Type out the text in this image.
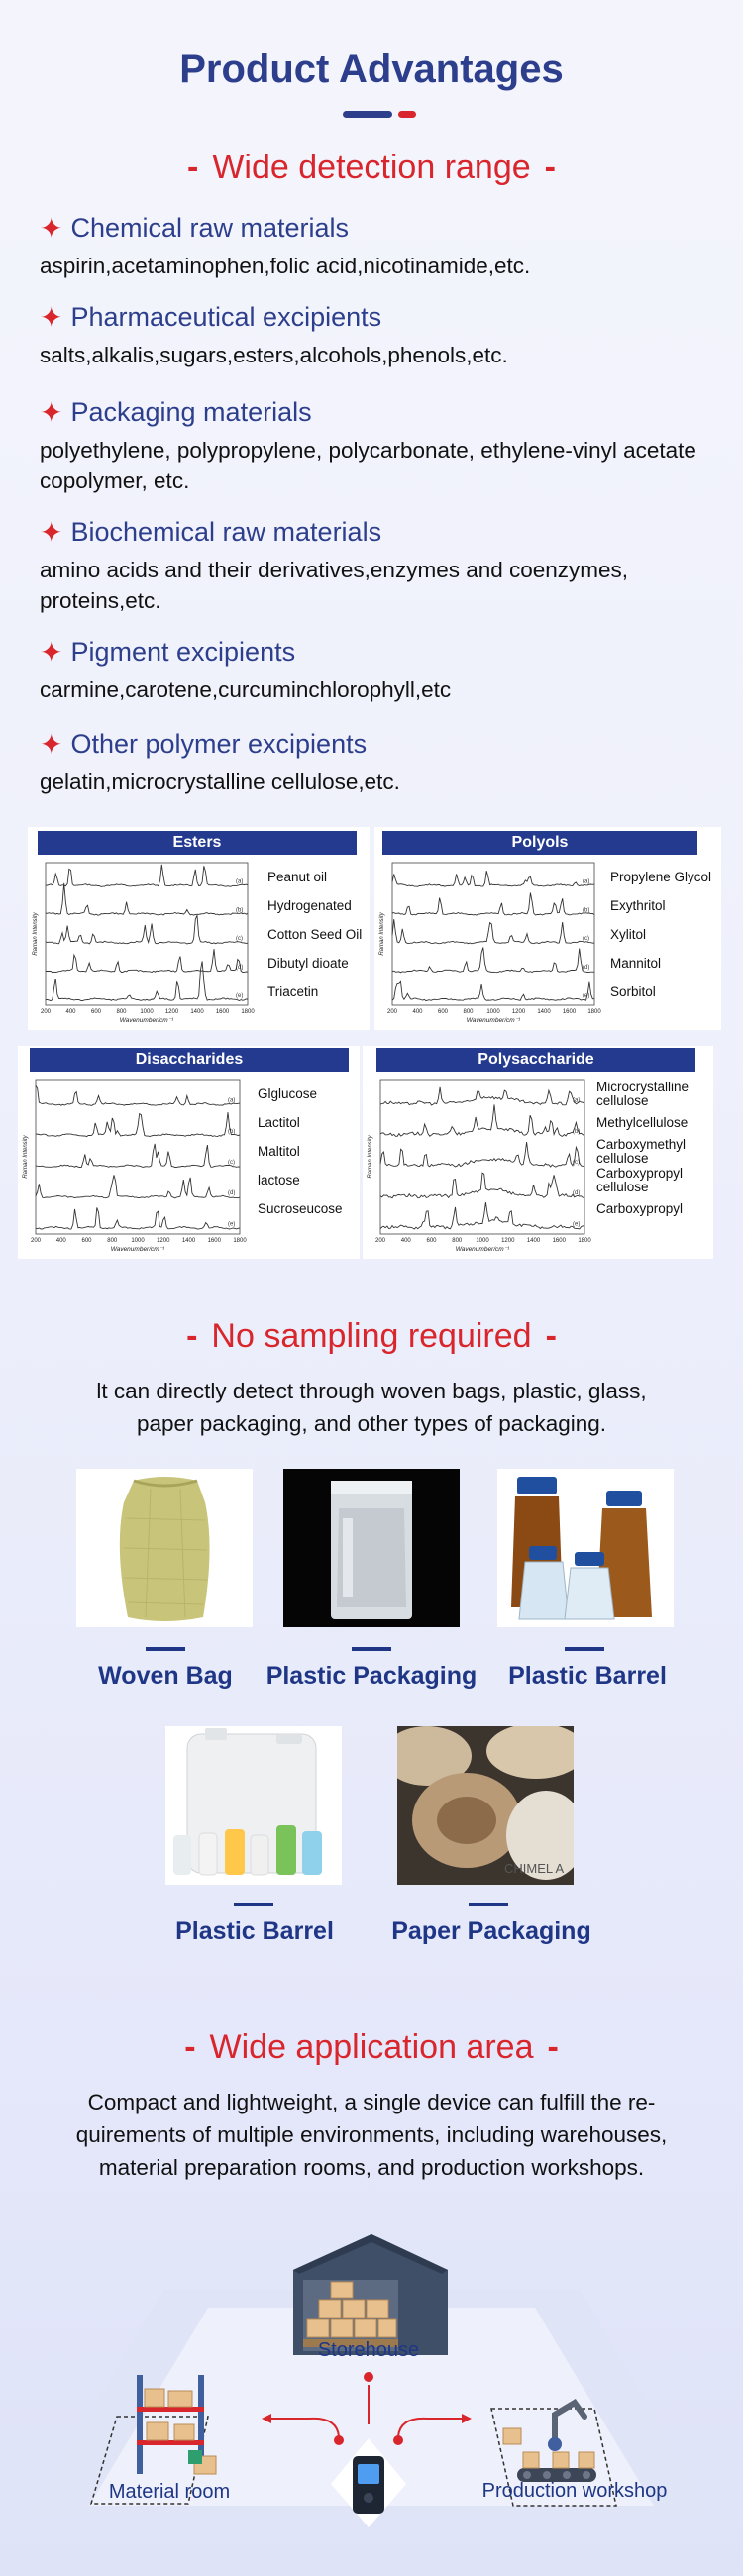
Product Advantages
- Wide detection range -
✦ Chemical raw materials
aspirin,acetaminophen,folic acid,nicotinamide,etc.
✦ Pharmaceutical excipients
salts,alkalis,sugars,esters,alcohols,phenols,etc.
✦ Packaging materials
polyethylene, polypropylene, polycarbonate, ethylene-vinyl acetate copolymer, etc.
✦ Biochemical raw materials
amino acids and their derivatives,enzymes and coenzymes, proteins,etc.
✦ Pigment excipients
carmine,carotene,curcuminchlorophyll,etc
✦ Other polymer excipients
gelatin,microcrystalline cellulose,etc.
Esters
(a)
(b)
(c)
(d)
(e)
200	400	600	800 1000 1200 1400 1600 1800
Wavenumber/cm⁻¹
Raman Intensity
Peanut oil
Hydrogenated
Cotton Seed Oil
Dibutyl dioate
Triacetin
Polyols
(a)
(b)
(c)
(d)
(e)
200	400	600	800 1000 1200 1400 1600 1800
Wavenumber/cm⁻¹
Raman Intensity
Propylene Glycol
Exythritol
Xylitol
Mannitol
Sorbitol
Disaccharides
(a)
(b)
(c)
(d)
(e)
200	400	600	800 1000 1200 1400 1600 1800
Wavenumber/cm⁻¹
Raman Intensity
Glglucose
Lactitol
Maltitol
lactose
Sucroseucose
Polysaccharide
(a)
(b)
(c)
(d)
(e)
200	400	600	800 1000 1200 1400 1600 1800
Wavenumber/cm⁻¹
Raman Intensity
Microcrystalline cellulose
Methylcellulose
Carboxymethyl cellulose
Carboxypropyl cellulose
Carboxypropyl
- No sampling required -
lt can directly detect through woven bags, plastic, glass, paper packaging, and other types of packaging.
CHIMEL A
Woven Bag	Plastic Packaging	Plastic Barrel
Plastic Barrel	Paper Packaging
- Wide application area -
Compact and lightweight, a single device can fulfill the re-quirements of multiple environments, including warehouses, material preparation rooms, and production workshops.
Storehouse
Material room	Production workshop
